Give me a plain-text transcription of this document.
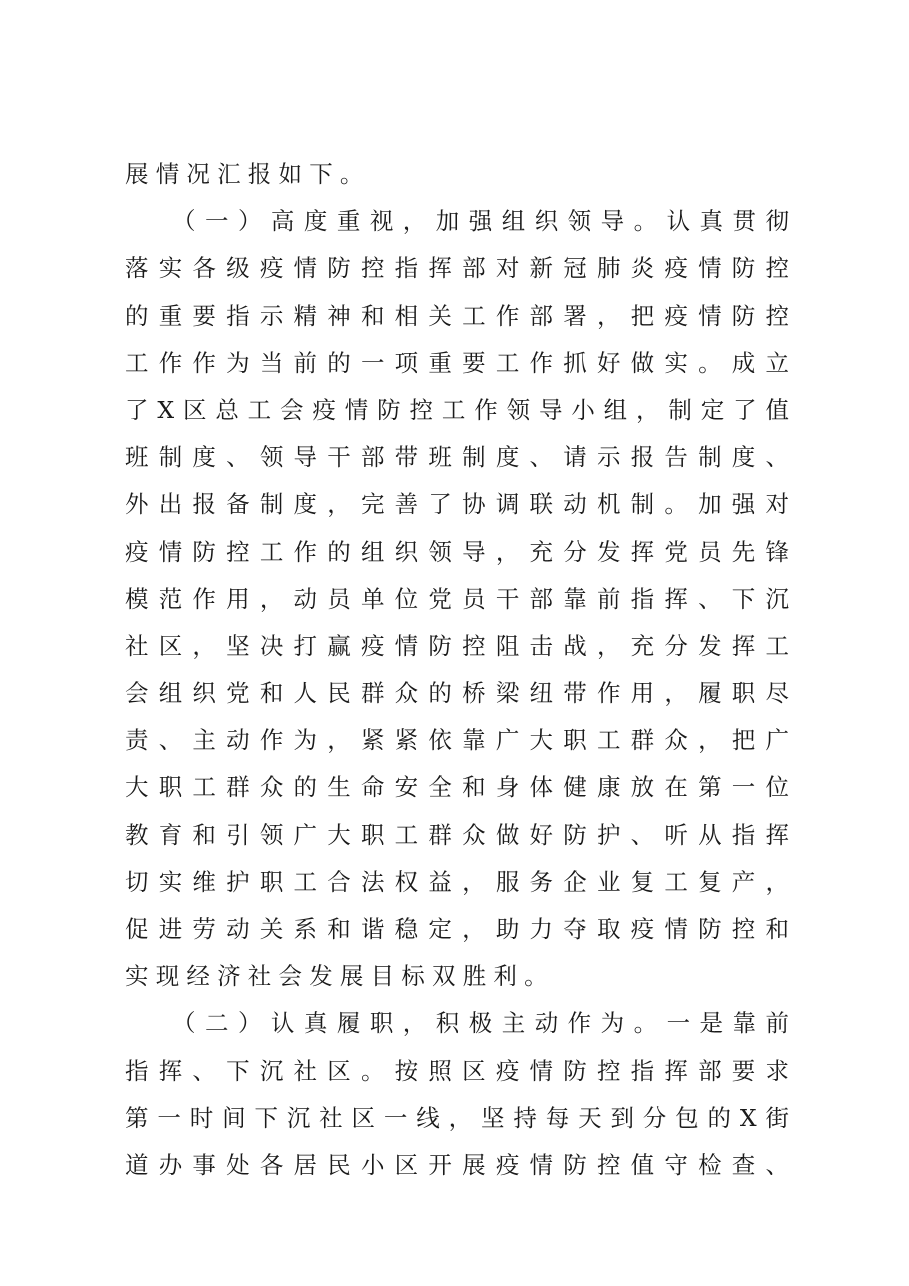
展情况汇报如下。
（一）高度重视，加强组织领导。认真贯彻
落实各级疫情防控指挥部对新冠肺炎疫情防控
的重要指示精神和相关工作部署，把疫情防控
工作作为当前的一项重要工作抓好做实。成立
了X区总工会疫情防控工作领导小组，制定了值
班制度、领导干部带班制度、请示报告制度、
外出报备制度，完善了协调联动机制。加强对
疫情防控工作的组织领导，充分发挥党员先锋
模范作用，动员单位党员干部靠前指挥、下沉
社区，坚决打赢疫情防控阻击战，充分发挥工
会组织党和人民群众的桥梁纽带作用，履职尽
责、主动作为，紧紧依靠广大职工群众，把广
大职工群众的生命安全和身体健康放在第一位
教育和引领广大职工群众做好防护、听从指挥
切实维护职工合法权益，服务企业复工复产，
促进劳动关系和谐稳定，助力夺取疫情防控和
实现经济社会发展目标双胜利。
（二）认真履职，积极主动作为。一是靠前
指挥、下沉社区。按照区疫情防控指挥部要求
第一时间下沉社区一线，坚持每天到分包的X街
道办事处各居民小区开展疫情防控值守检查、
